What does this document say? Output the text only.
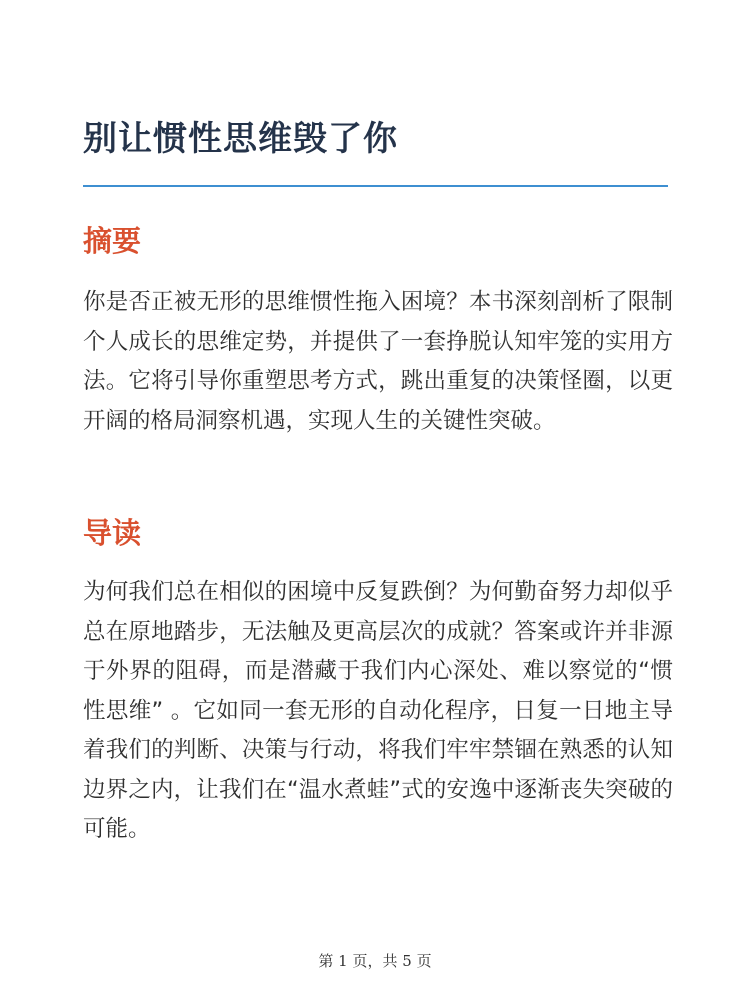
别让惯性思维毁了你
摘要

你是否正被无形的思维惯性拖入困境？本书深刻剖析了限制个人成长的思维定势，并提供了一套挣脱认知牢笼的实用方法。它将引导你重塑思考方式，跳出重复的决策怪圈，以更开阔的格局洞察机遇，实现人生的关键性突破。

导读

为何我们总在相似的困境中反复跌倒？为何勤奋努力却似乎总在原地踏步，无法触及更高层次的成就？答案或许并非源于外界的阻碍，而是潜藏于我们内心深处、难以察觉的“惯性思维” 。它如同一套无形的自动化程序，日复一日地主导着我们的判断、决策与行动，将我们牢牢禁锢在熟悉的认知边界之内，让我们在“温水煮蛙”式的安逸中逐渐丧失突破的可能。

第 1 页，共 5 页
